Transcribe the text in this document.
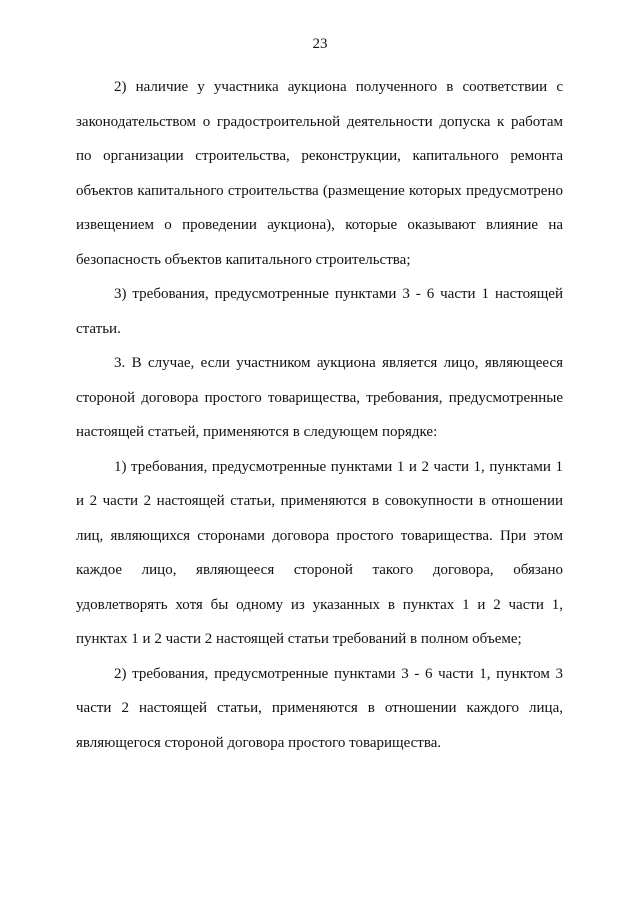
23

2) наличие у участника аукциона полученного в соответствии с законодательством о градостроительной деятельности допуска к работам по организации строительства, реконструкции, капитального ремонта объектов капитального строительства (размещение которых предусмотрено извещением о проведении аукциона), которые оказывают влияние на безопасность объектов капитального строительства;

3) требования, предусмотренные пунктами 3 - 6 части 1 настоящей статьи.

3. В случае, если участником аукциона является лицо, являющееся стороной договора простого товарищества, требования, предусмотренные настоящей статьей, применяются в следующем порядке:

1) требования, предусмотренные пунктами 1 и 2 части 1, пунктами 1 и 2 части 2 настоящей статьи, применяются в совокупности в отношении лиц, являющихся сторонами договора простого товарищества. При этом каждое лицо, являющееся стороной такого договора, обязано удовлетворять хотя бы одному из указанных в пунктах 1 и 2 части 1, пунктах 1 и 2 части 2 настоящей статьи требований в полном объеме;

2) требования, предусмотренные пунктами 3 - 6 части 1, пунктом 3 части 2 настоящей статьи, применяются в отношении каждого лица, являющегося стороной договора простого товарищества.
